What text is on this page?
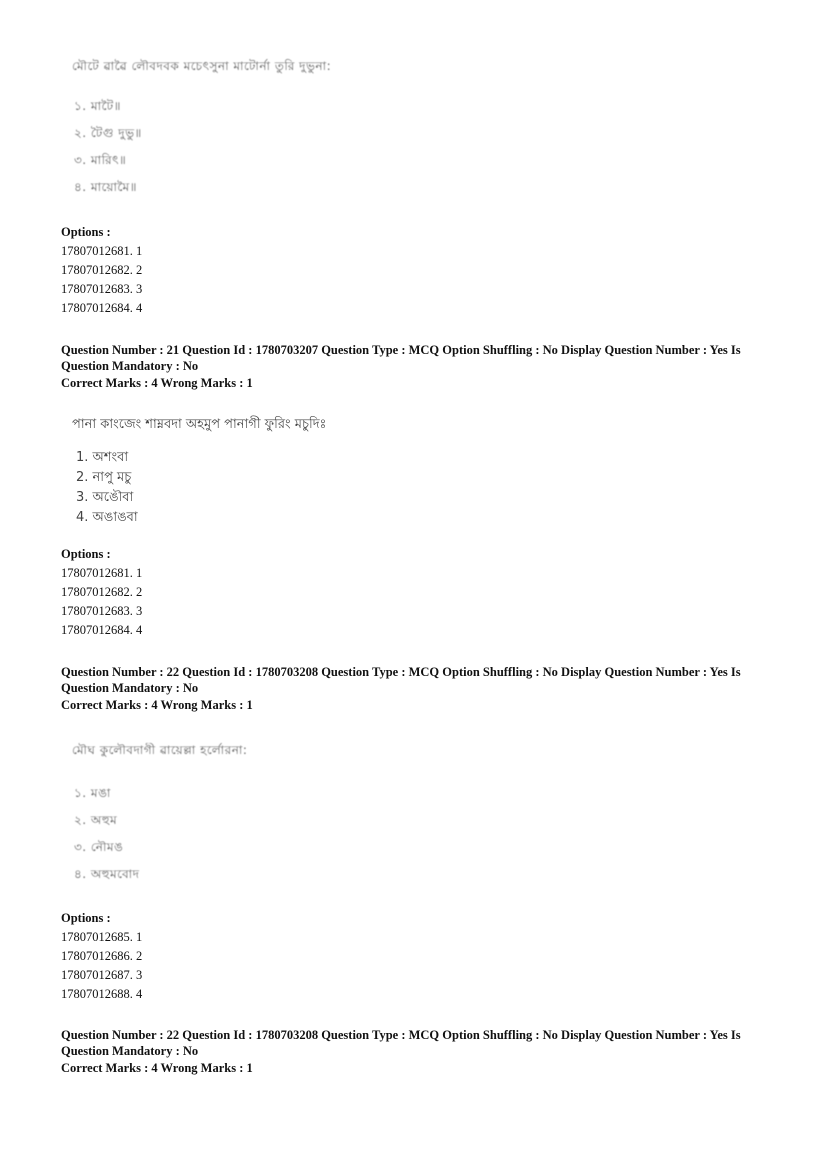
মৌটে ৱাৱৈ লৌবদবক মচেৎসুনা মাটোর্না তুরি দুভুনা:
১. মাটৈ॥
২. টৈগু দুভু॥
৩. মারিৎ॥
৪. মায়োমৈ॥
Options :
17807012681. 1
17807012682. 2
17807012683. 3
17807012684. 4
Question Number : 21 Question Id : 1780703207 Question Type : MCQ Option Shuffling : No Display Question Number : Yes Is
Question Mandatory : No
Correct Marks : 4 Wrong Marks : 1
পানা কাংজেং শাম্নবদা অহমুপ পানাগী ফুরিং মচুদিঃ
1. অশংবা
2. নাপু মচু
3. অঙৌবা
4. অঙাঙবা
Options :
17807012681. 1
17807012682. 2
17807012683. 3
17807012684. 4
Question Number : 22 Question Id : 1780703208 Question Type : MCQ Option Shuffling : No Display Question Number : Yes Is
Question Mandatory : No
Correct Marks : 4 Wrong Marks : 1
মৌঘ কুলৌবদাগী ৱায়েল্লা হর্লোরনা:
১. মঙা
২. অহুম
৩. নৌমঙ
৪. অহুমবোদ
Options :
17807012685. 1
17807012686. 2
17807012687. 3
17807012688. 4
Question Number : 22 Question Id : 1780703208 Question Type : MCQ Option Shuffling : No Display Question Number : Yes Is
Question Mandatory : No
Correct Marks : 4 Wrong Marks : 1
